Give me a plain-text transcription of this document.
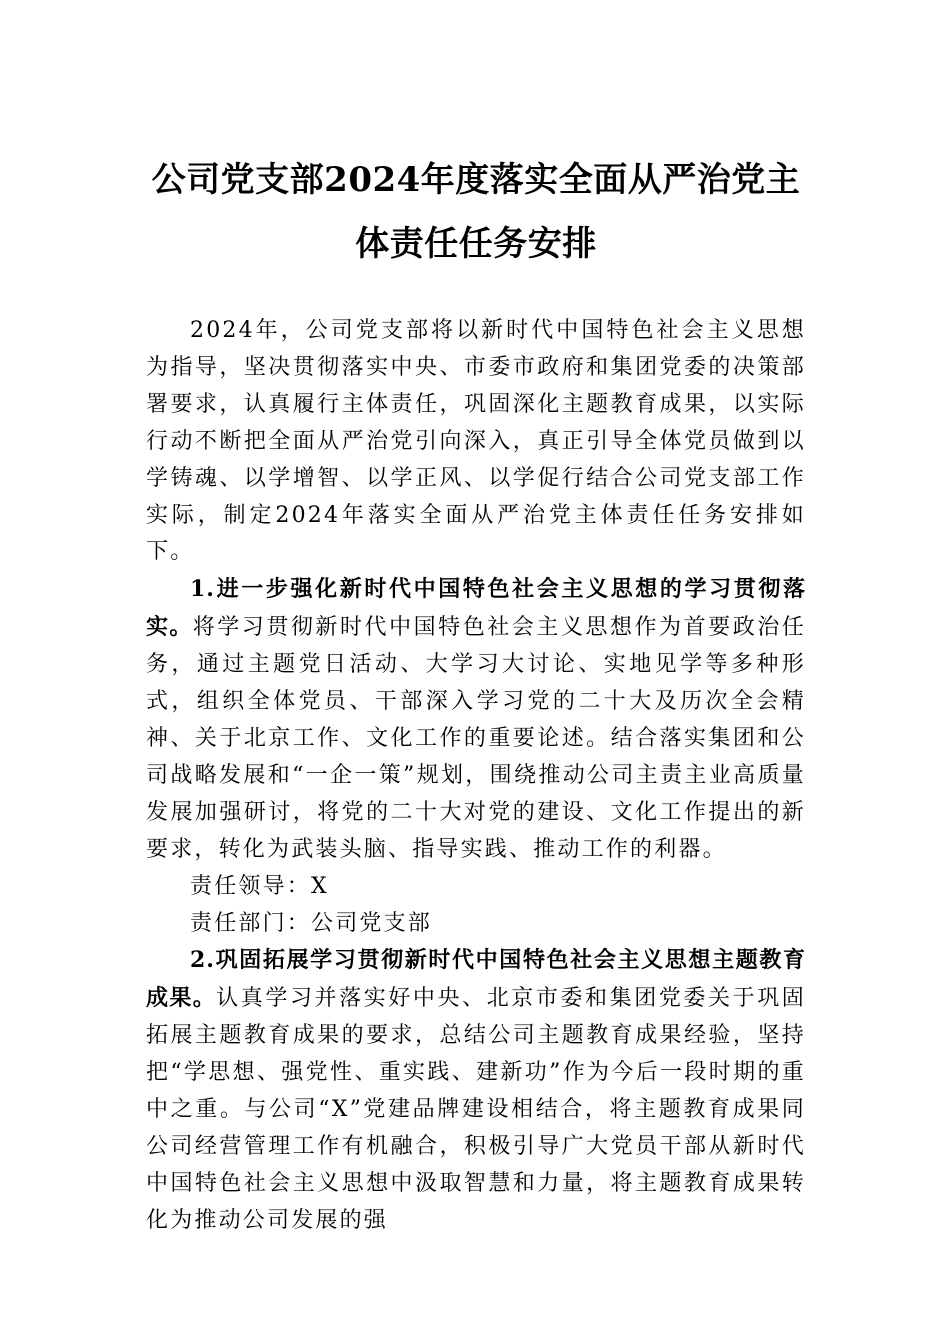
公司党支部2024年度落实全面从严治党主
体责任任务安排

2024年，公司党支部将以新时代中国特色社会主义思想为指导，坚决贯彻落实中央、市委市政府和集团党委的决策部署要求，认真履行主体责任，巩固深化主题教育成果，以实际行动不断把全面从严治党引向深入，真正引导全体党员做到以学铸魂、以学增智、以学正风、以学促行结合公司党支部工作实际，制定2024年落实全面从严治党主体责任任务安排如下。

1.进一步强化新时代中国特色社会主义思想的学习贯彻落实。将学习贯彻新时代中国特色社会主义思想作为首要政治任务，通过主题党日活动、大学习大讨论、实地见学等多种形式，组织全体党员、干部深入学习党的二十大及历次全会精神、关于北京工作、文化工作的重要论述。结合落实集团和公司战略发展和“一企一策”规划，围绕推动公司主责主业高质量发展加强研讨，将党的二十大对党的建设、文化工作提出的新要求，转化为武装头脑、指导实践、推动工作的利器。

责任领导：X

责任部门：公司党支部

2.巩固拓展学习贯彻新时代中国特色社会主义思想主题教育成果。认真学习并落实好中央、北京市委和集团党委关于巩固拓展主题教育成果的要求，总结公司主题教育成果经验，坚持把“学思想、强党性、重实践、建新功”作为今后一段时期的重中之重。与公司“X”党建品牌建设相结合，将主题教育成果同公司经营管理工作有机融合，积极引导广大党员干部从新时代中国特色社会主义思想中汲取智慧和力量，将主题教育成果转化为推动公司发展的强
